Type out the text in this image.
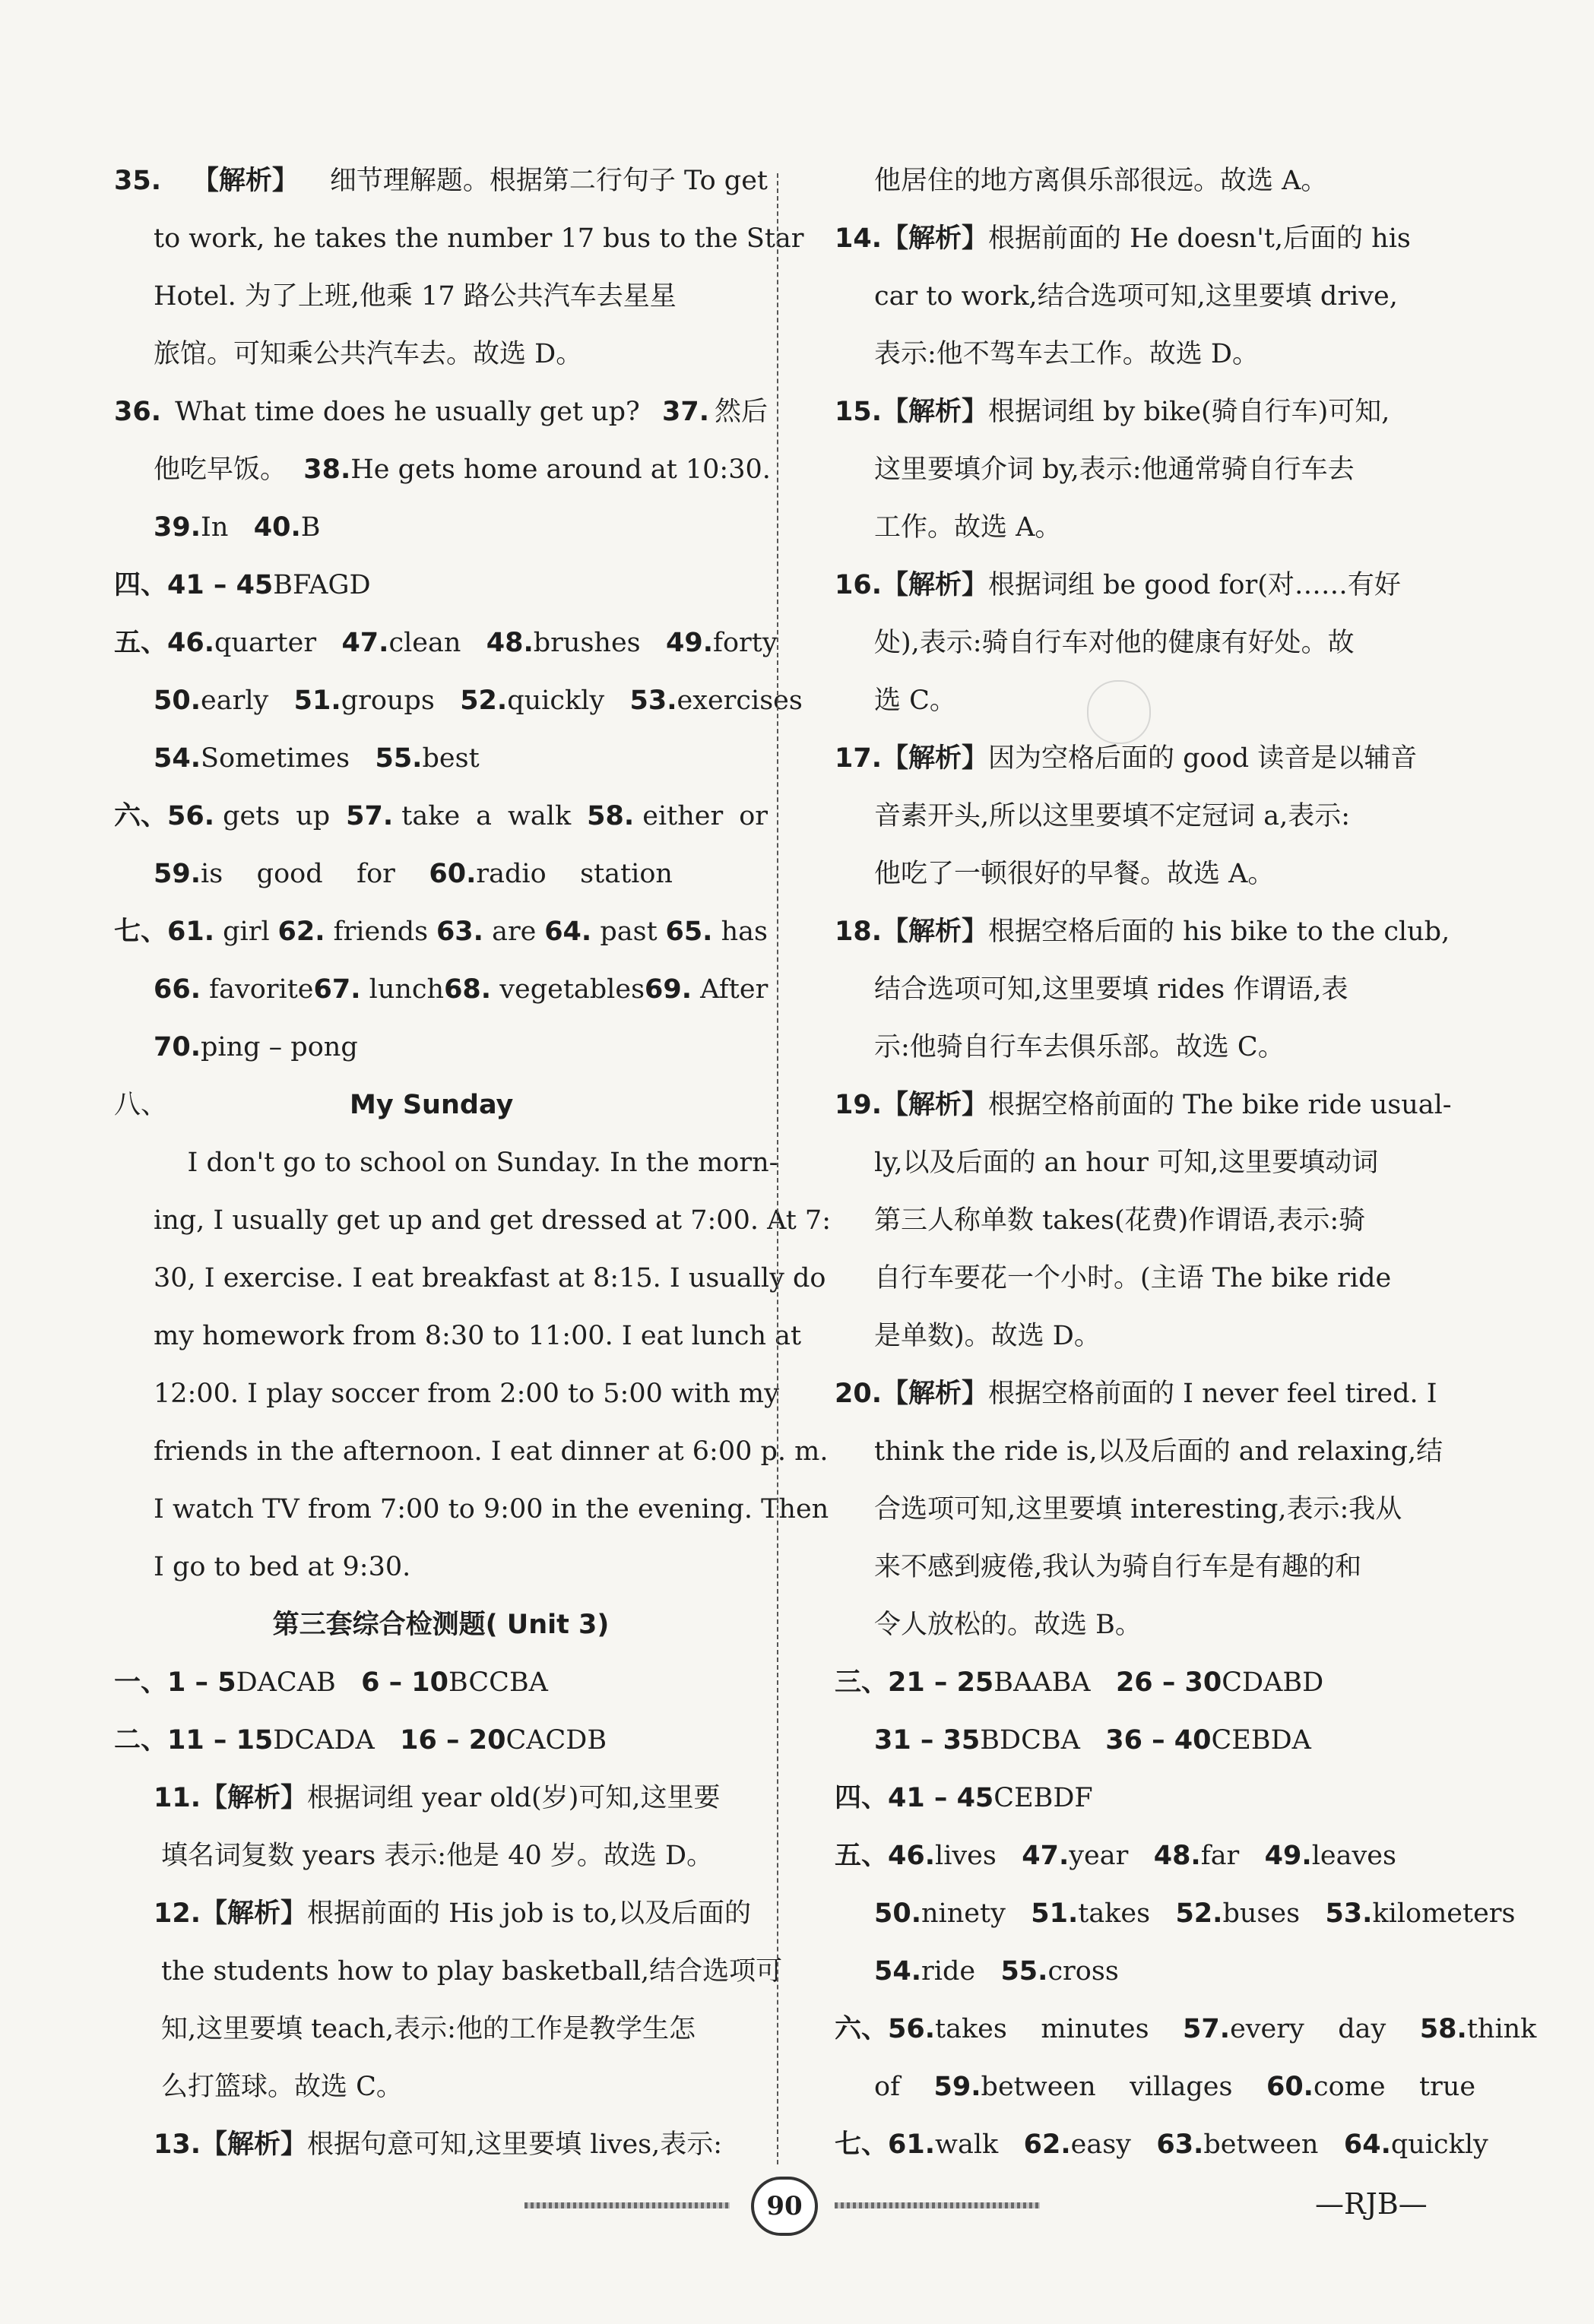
35. 【解析】 细节理解题。根据第二行句子 To get
to work, he takes the number 17 bus to the Star
Hotel. 为了上班,他乘 17 路公共汽车去星星
旅馆。可知乘公共汽车去。故选 D。
36. What time does he usually get up? 37. 然后
他吃早饭。 38. He gets home around at 10:30.
39. In 40. B
四、41 – 45 BFAGD
五、46. quarter 47. clean 48. brushes 49. forty
50. early 51. groups 52. quickly 53. exercises
54. Sometimes 55. best
六、56. gets up 57. take a walk 58. either or
59. is    good    for 60. radio    station
七、61. girl 62. friends 63. are 64. past 65. has
66. favorite 67. lunch 68. vegetables 69. After
70. ping – pong
八、	My Sunday
I don't go to school on Sunday. In the morn-
ing, I usually get up and get dressed at 7:00. At 7:
30, I exercise. I eat breakfast at 8:15. I usually do
my homework from 8:30 to 11:00. I eat lunch at
12:00. I play soccer from 2:00 to 5:00 with my
friends in the afternoon. I eat dinner at 6:00 p. m.
I watch TV from 7:00 to 9:00 in the evening. Then
I go to bed at 9:30.
第三套综合检测题( Unit 3)
一、1 – 5 DACAB 6 – 10 BCCBA
二、11 – 15 DCADA 16 – 20 CACDB
11. 【解析】 根据词组 year old(岁)可知,这里要
填名词复数 years 表示:他是 40 岁。故选 D。
12. 【解析】 根据前面的 His job is to,以及后面的
the students how to play basketball,结合选项可
知,这里要填 teach,表示:他的工作是教学生怎
么打篮球。故选 C。
13. 【解析】 根据句意可知,这里要填 lives,表示:
他居住的地方离俱乐部很远。故选 A。
14. 【解析】 根据前面的 He doesn't,后面的 his
car to work,结合选项可知,这里要填 drive,
表示:他不驾车去工作。故选 D。
15. 【解析】 根据词组 by bike(骑自行车)可知,
这里要填介词 by,表示:他通常骑自行车去
工作。故选 A。
16. 【解析】 根据词组 be good for(对……有好
处),表示:骑自行车对他的健康有好处。故
选 C。
17. 【解析】 因为空格后面的 good 读音是以辅音
音素开头,所以这里要填不定冠词 a,表示:
他吃了一顿很好的早餐。故选 A。
18. 【解析】 根据空格后面的 his bike to the club,
结合选项可知,这里要填 rides 作谓语,表
示:他骑自行车去俱乐部。故选 C。
19. 【解析】 根据空格前面的 The bike ride usual-
ly,以及后面的 an hour 可知,这里要填动词
第三人称单数 takes(花费)作谓语,表示:骑
自行车要花一个小时。(主语 The bike ride
是单数)。故选 D。
20. 【解析】 根据空格前面的 I never feel tired. I
think the ride is,以及后面的 and relaxing,结
合选项可知,这里要填 interesting,表示:我从
来不感到疲倦,我认为骑自行车是有趣的和
令人放松的。故选 B。
三、21 – 25 BAABA 26 – 30 CDABD
31 – 35 BDCBA 36 – 40 CEBDA
四、41 – 45 CEBDF
五、46. lives 47. year 48. far 49. leaves
50. ninety 51. takes 52. buses 53. kilometers
54. ride 55. cross
六、56. takes    minutes 57. every    day 58. think
of 59. between    villages 60. come    true
七、61. walk 62. easy 63. between 64. quickly
90	—RJB—
